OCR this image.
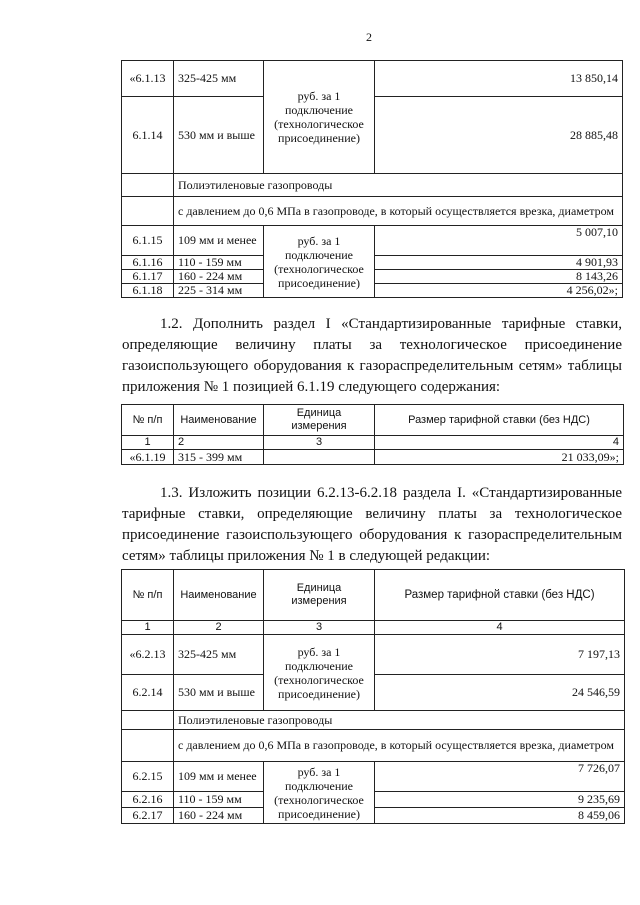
2
«6.1.13	325-425 мм	руб. за 1 подключение (технологическое присоединение)	13 850,14
6.1.14	530 мм и выше		28 885,48
	Полиэтиленовые газопроводы		
	с давлением до 0,6 МПа в газопроводе, в который осуществляется врезка, диаметром		
6.1.15	109 мм и менее	руб. за 1 подключение (технологическое присоединение)	5 007,10
6.1.16	110 - 159 мм		4 901,93
6.1.17	160 - 224 мм		8 143,26
6.1.18	225 - 314 мм		4 256,02»;
1.2. Дополнить раздел I «Стандартизированные тарифные ставки, определяющие величину платы за технологическое присоединение газоиспользующего оборудования к газораспределительным сетям» таблицы приложения № 1 позицией 6.1.19 следующего содержания:
№ п/п	Наименование	Единица измерения	Размер тарифной ставки (без НДС)
1	2	3	4
«6.1.19	315 - 399 мм		21 033,09»;
1.3. Изложить позиции 6.2.13-6.2.18 раздела I. «Стандартизированные тарифные ставки, определяющие величину платы за технологическое присоединение газоиспользующего оборудования к газораспределительным сетям» таблицы приложения № 1 в следующей редакции:
№ п/п	Наименование	Единица измерения	Размер тарифной ставки (без НДС)
1	2	3	4
«6.2.13	325-425 мм	руб. за 1 подключение (технологическое присоединение)	7 197,13
6.2.14	530 мм и выше		24 546,59
	Полиэтиленовые газопроводы		
	с давлением до 0,6 МПа в газопроводе, в который осуществляется врезка, диаметром		
6.2.15	109 мм и менее	руб. за 1 подключение (технологическое присоединение)	7 726,07
6.2.16	110 - 159 мм		9 235,69
6.2.17	160 - 224 мм		8 459,06
